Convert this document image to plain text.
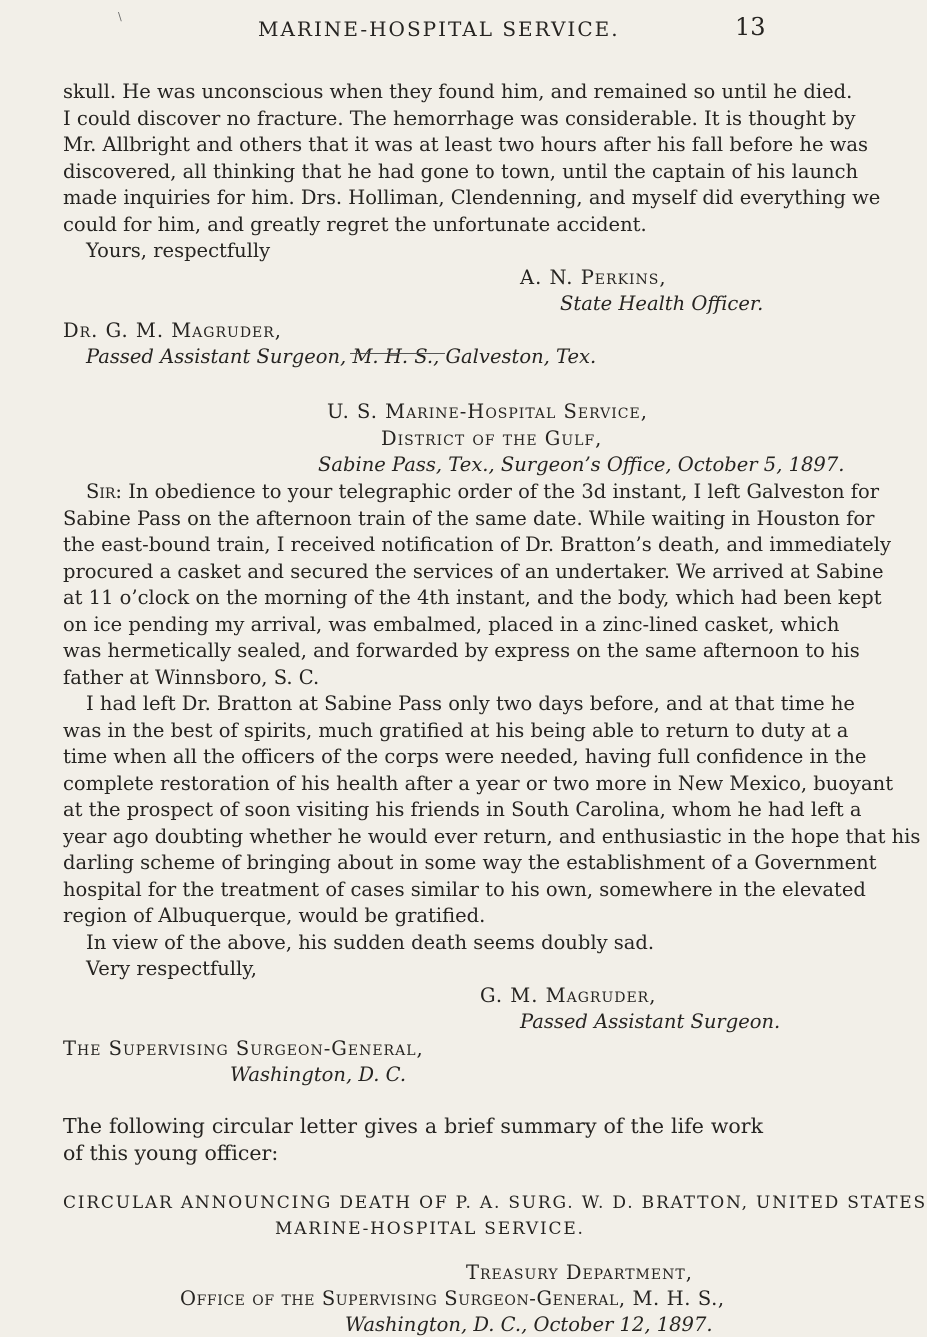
\
MARINE-HOSPITAL SERVICE.	13
skull. He was unconscious when they found him, and remained so until he died.
I could discover no fracture. The hemorrhage was considerable. It is thought by
Mr. Allbright and others that it was at least two hours after his fall before he was
discovered, all thinking that he had gone to town, until the captain of his launch
made inquiries for him. Drs. Holliman, Clendenning, and myself did everything we
could for him, and greatly regret the unfortunate accident.
Yours, respectfully
A. N. Perkins,
State Health Officer.
Dr. G. M. Magruder,
Passed Assistant Surgeon, M. H. S., Galveston, Tex.
U. S. Marine-Hospital Service,
District of the Gulf,
Sabine Pass, Tex., Surgeon’s Office, October 5, 1897.
Sir: In obedience to your telegraphic order of the 3d instant, I left Galveston for
Sabine Pass on the afternoon train of the same date. While waiting in Houston for
the east-bound train, I received notification of Dr. Bratton’s death, and immediately
procured a casket and secured the services of an undertaker. We arrived at Sabine
at 11 o’clock on the morning of the 4th instant, and the body, which had been kept
on ice pending my arrival, was embalmed, placed in a zinc-lined casket, which
was hermetically sealed, and forwarded by express on the same afternoon to his
father at Winnsboro, S. C.
I had left Dr. Bratton at Sabine Pass only two days before, and at that time he
was in the best of spirits, much gratified at his being able to return to duty at a
time when all the officers of the corps were needed, having full confidence in the
complete restoration of his health after a year or two more in New Mexico, buoyant
at the prospect of soon visiting his friends in South Carolina, whom he had left a
year ago doubting whether he would ever return, and enthusiastic in the hope that his
darling scheme of bringing about in some way the establishment of a Government
hospital for the treatment of cases similar to his own, somewhere in the elevated
region of Albuquerque, would be gratified.
In view of the above, his sudden death seems doubly sad.
Very respectfully,
G. M. Magruder,
Passed Assistant Surgeon.
The Supervising Surgeon-General,
Washington, D. C.
The following circular letter gives a brief summary of the life work
of this young officer:
CIRCULAR ANNOUNCING DEATH OF P. A. SURG. W. D. BRATTON, UNITED STATES
MARINE-HOSPITAL SERVICE.
Treasury Department,
Office of the Supervising Surgeon-General, M. H. S.,
Washington, D. C., October 12, 1897.
